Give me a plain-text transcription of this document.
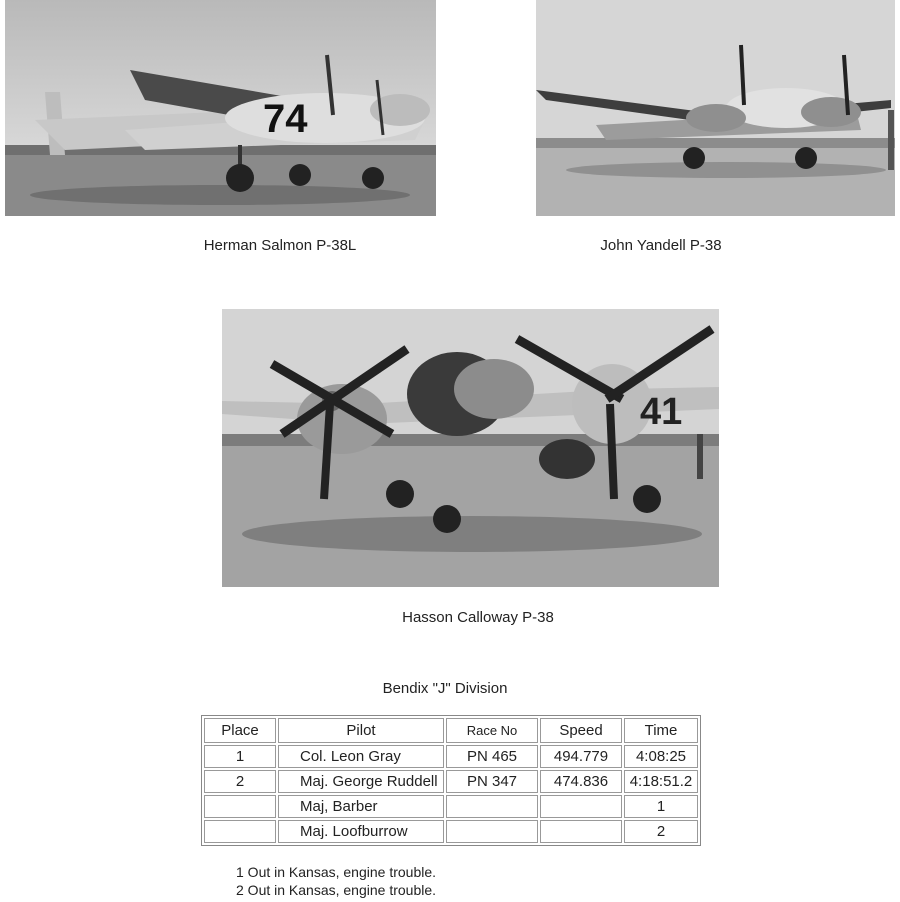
74
Herman Salmon P-38L	John Yandell P-38
41
Hasson Calloway P-38
Bendix "J" Division
Place	Pilot	Race No	Speed	Time
1	Col. Leon Gray	PN 465	494.779	4:08:25
2	Maj. George Ruddell	PN 347	474.836	4:18:51.2
	Maj, Barber			1
	Maj. Loofburrow			2
1 Out in Kansas, engine trouble.
2 Out in Kansas, engine trouble.
